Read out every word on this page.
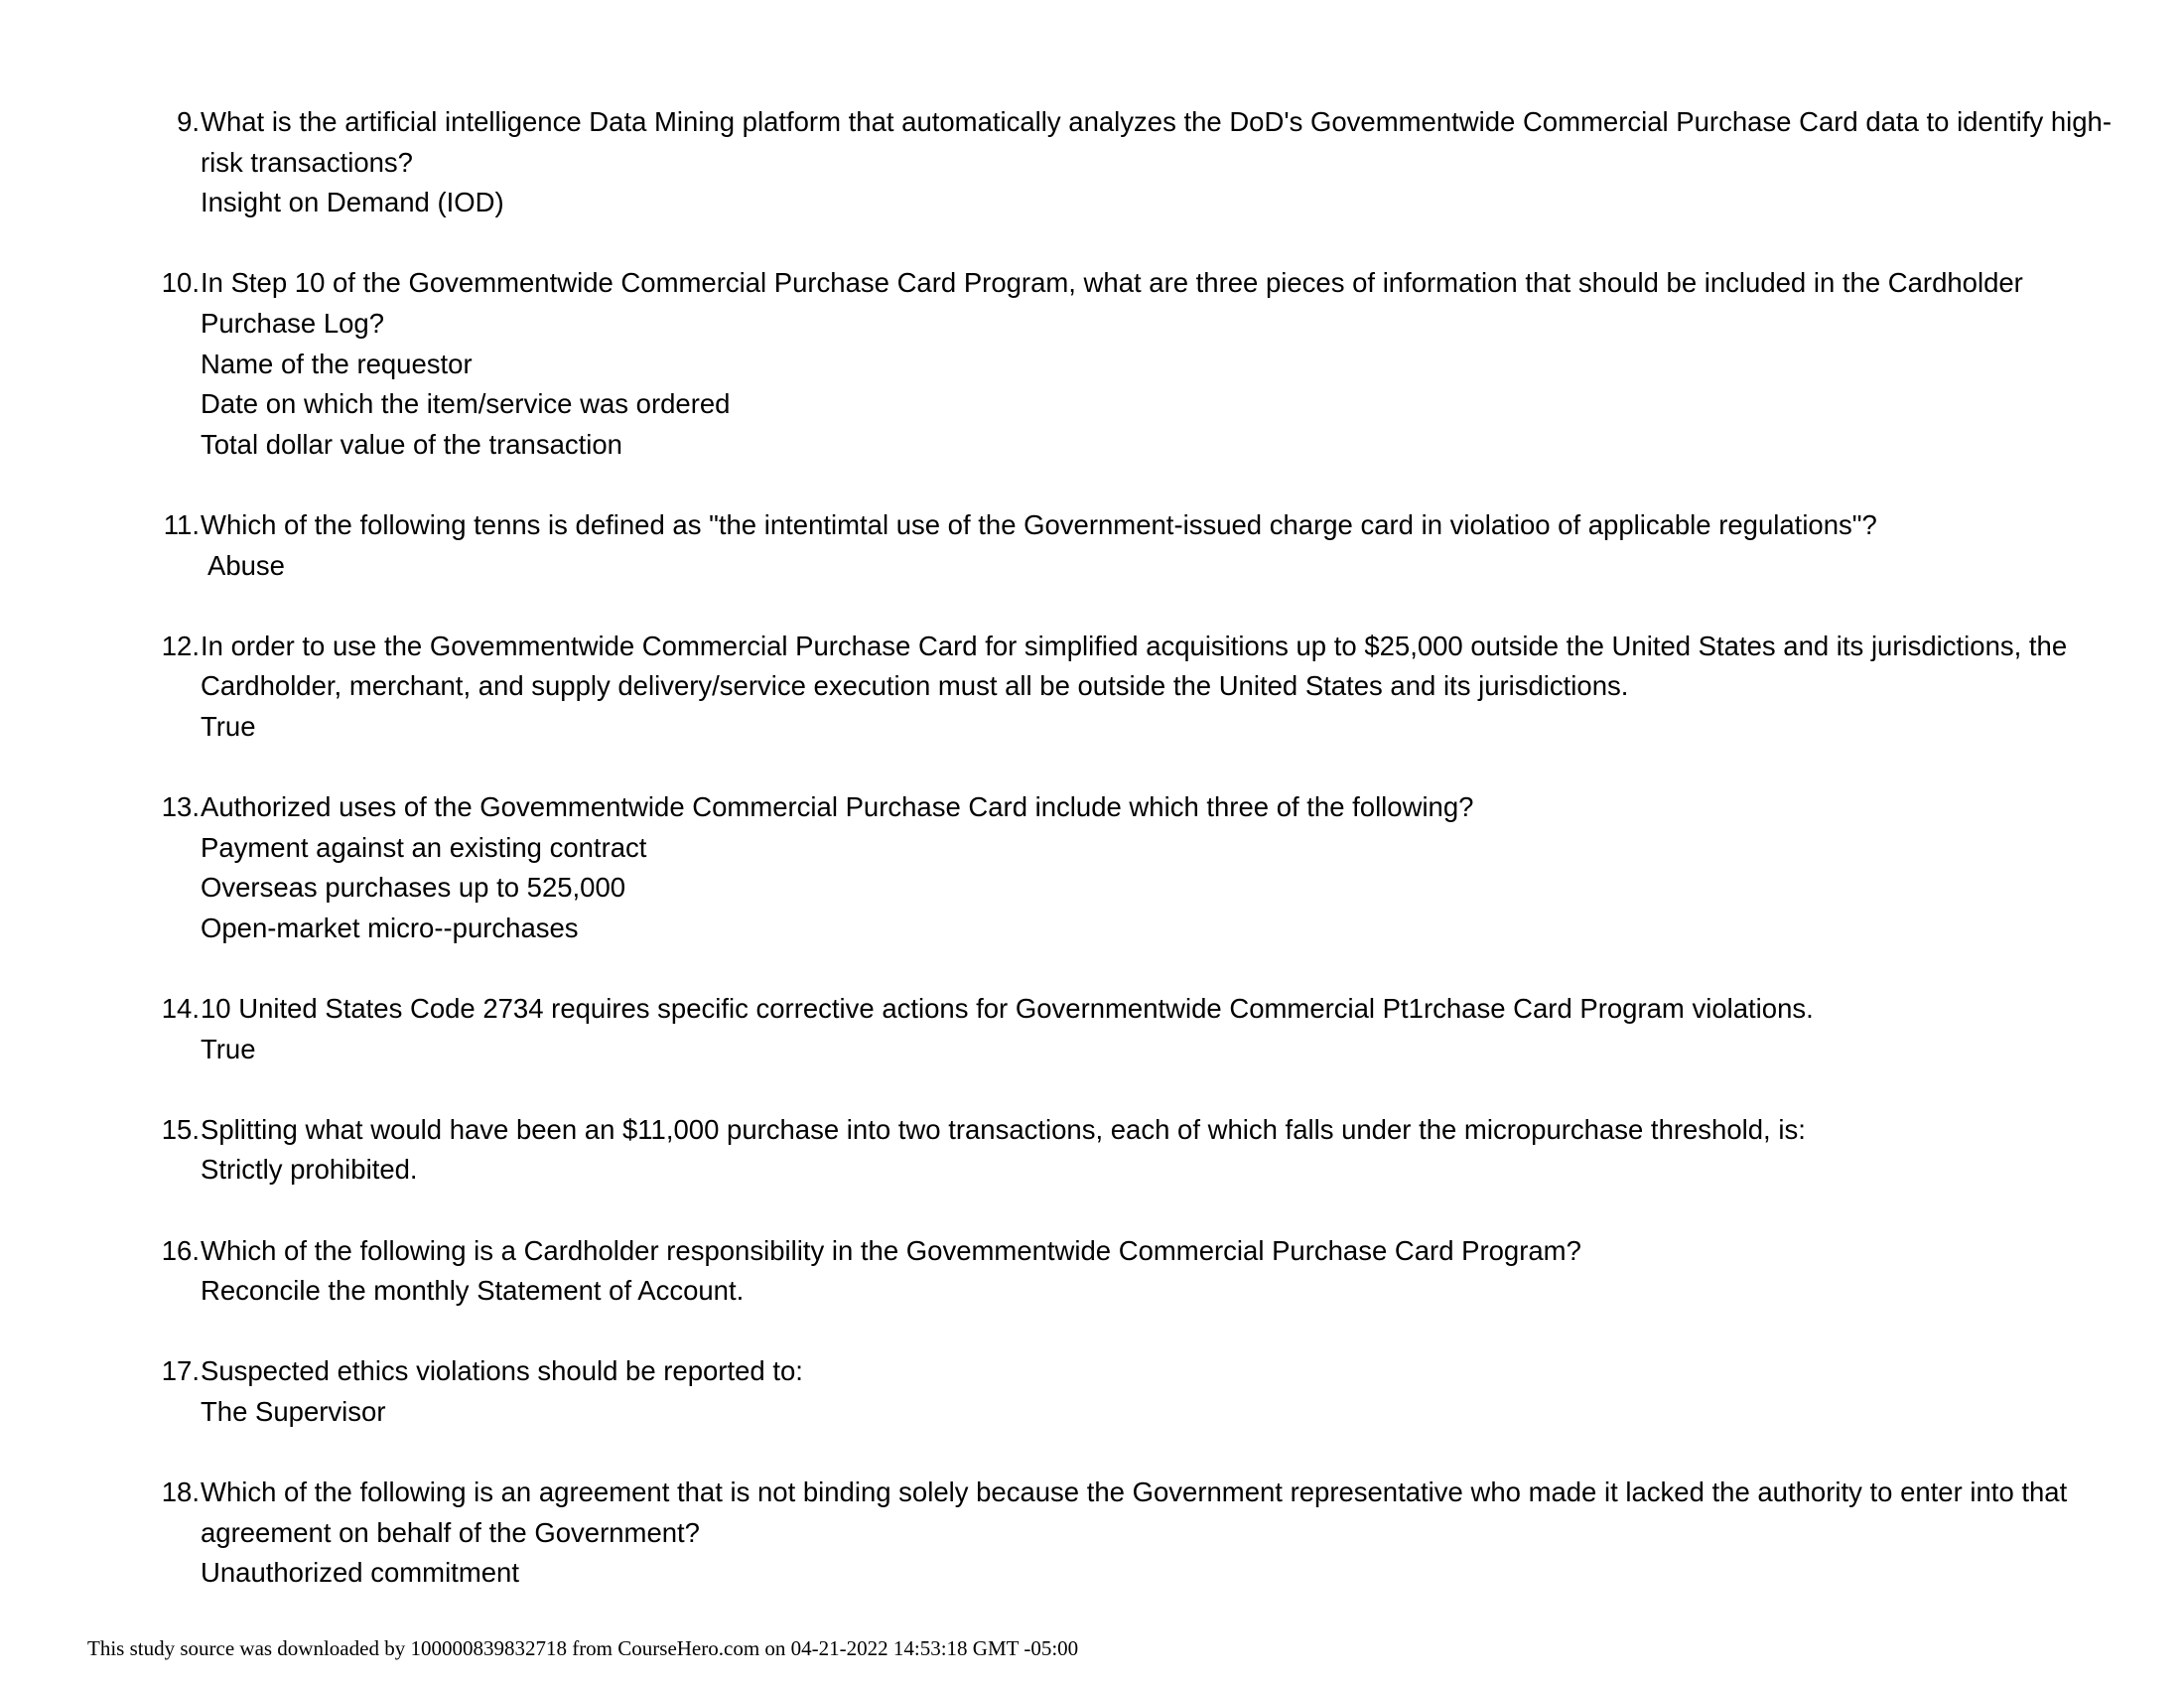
9. What is the artificial intelligence Data Mining platform that automatically analyzes the DoD's Govemmentwide Commercial Purchase Card data to identify high-risk transactions?
Insight on Demand (IOD)
10. In Step 10 of the Govemmentwide Commercial Purchase Card Program, what are three pieces of information that should be included in the Cardholder Purchase Log?
Name of the requestor
Date on which the item/service was ordered
Total dollar value of the transaction
11. Which of the following tenns is defined as "the intentimtal use of the Government-issued charge card in violatioo of applicable regulations"?
Abuse
12. In order to use the Govemmentwide Commercial Purchase Card for simplified acquisitions up to $25,000 outside the United States and its jurisdictions, the Cardholder, merchant, and supply delivery/service execution must all be outside the United States and its jurisdictions.
True
13. Authorized uses of the Govemmentwide Commercial Purchase Card include which three of the following?
Payment against an existing contract
Overseas purchases up to 525,000
Open-market micro--purchases
14. 10 United States Code 2734 requires specific corrective actions for Governmentwide Commercial Pt1rchase Card Program violations.
True
15. Splitting what would have been an $11,000 purchase into two transactions, each of which falls under the micropurchase threshold, is:
Strictly prohibited.
16. Which of the following is a Cardholder responsibility in the Govemmentwide Commercial Purchase Card Program?
Reconcile the monthly Statement of Account.
17. Suspected ethics violations should be reported to:
The Supervisor
18. Which of the following is an agreement that is not binding solely because the Government representative who made it lacked the authority to enter into that agreement on behalf of the Government?
Unauthorized commitment
This study source was downloaded by 100000839832718 from CourseHero.com on 04-21-2022 14:53:18 GMT -05:00
